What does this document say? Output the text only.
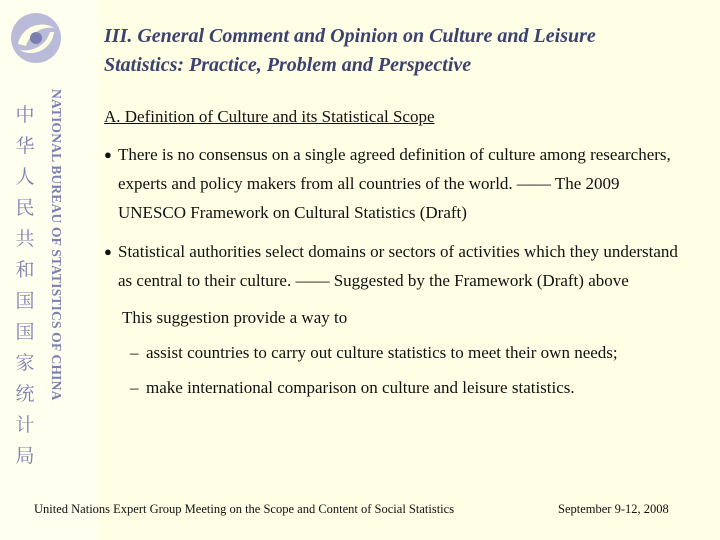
中
华
人
民
共
和
国
国
家
统
计
局
NATIONAL BUREAU OF STATISTICS OF CHINA
III. General Comment and Opinion on Culture and Leisure
Statistics: Practice, Problem and Perspective
A. Definition of Culture and its Statistical Scope
● There is no consensus on a single agreed definition of culture among researchers, experts and policy makers from all countries of the world. —— The 2009 UNESCO Framework on Cultural Statistics (Draft)
● Statistical authorities select domains or sectors of activities which they understand as central to their culture. —— Suggested by the Framework (Draft) above
This suggestion provide a way to
– assist countries to carry out culture statistics to meet their own needs;
– make international comparison on culture and leisure statistics.
United Nations Expert Group Meeting on the Scope and Content of Social Statistics	September 9-12, 2008
